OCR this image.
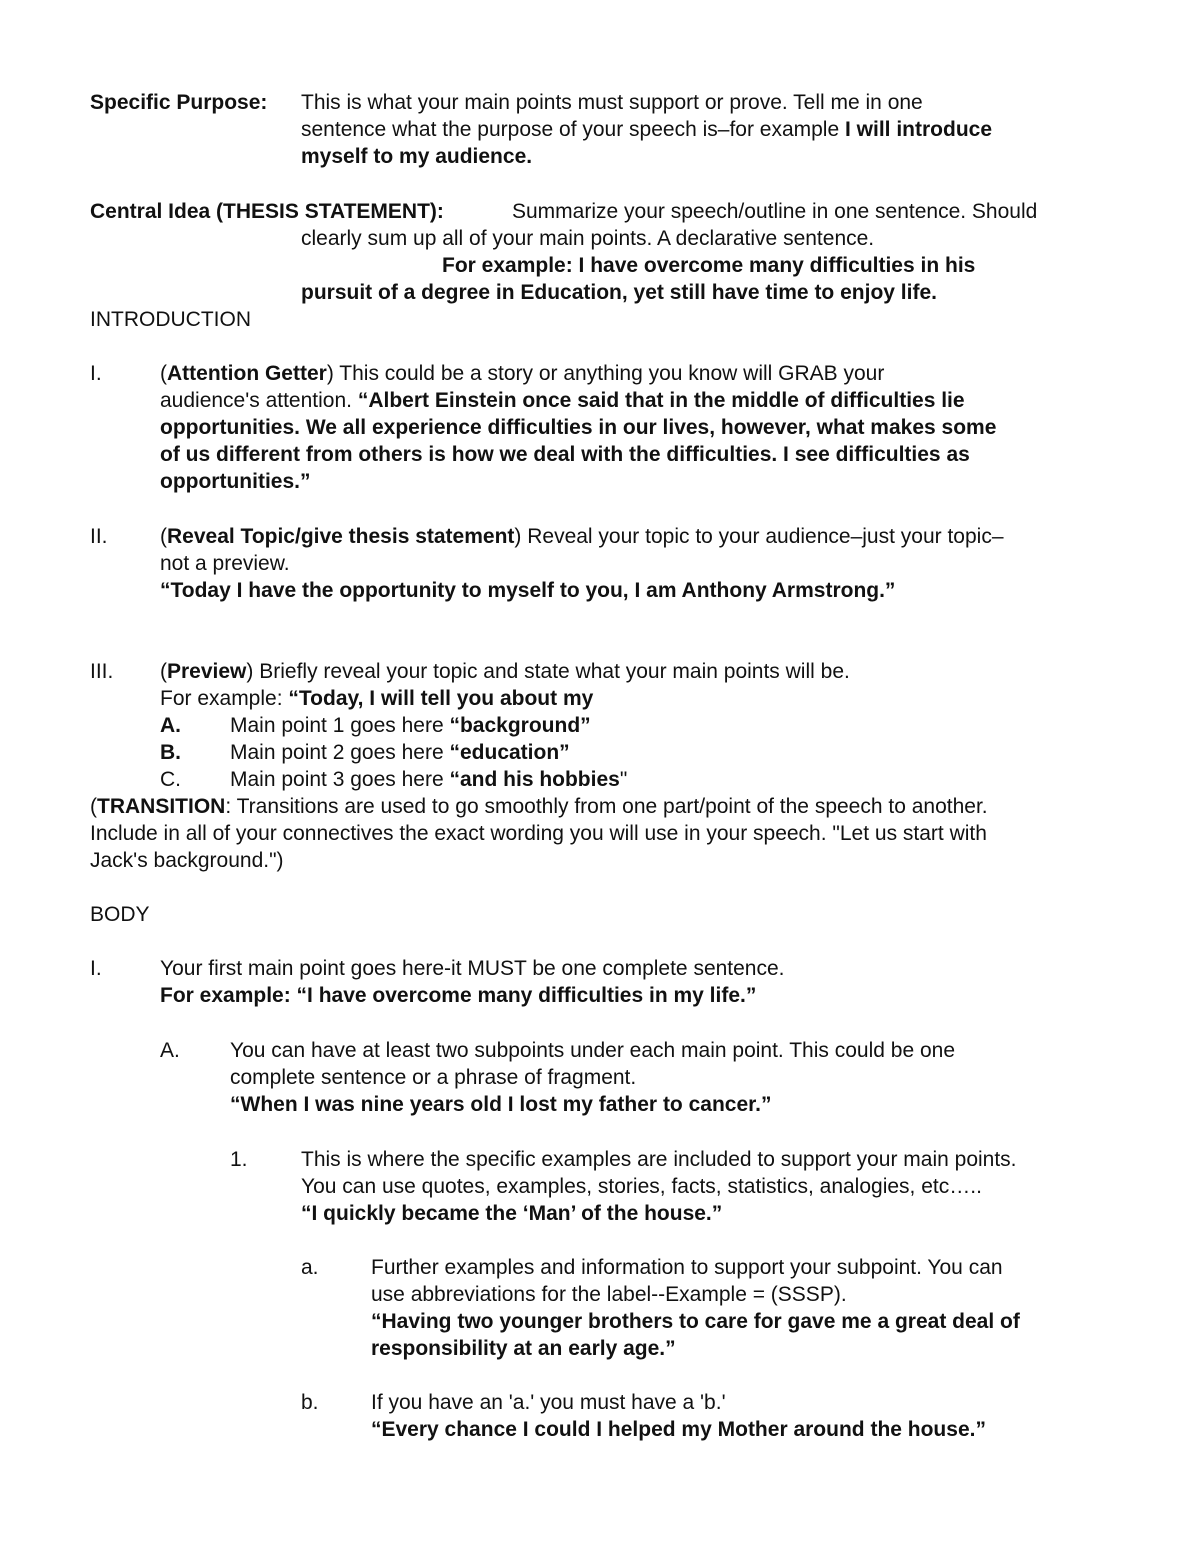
Specific Purpose: This is what your main points must support or prove. Tell me in one
sentence what the purpose of your speech is–for example I will introduce
myself to my audience.
Central Idea (THESIS STATEMENT):	Summarize your speech/outline in one sentence. Should
clearly sum up all of your main points. A declarative sentence.
For example: I have overcome many difficulties in his
pursuit of a degree in Education, yet still have time to enjoy life.
INTRODUCTION
I.	(Attention Getter) This could be a story or anything you know will GRAB your
audience's attention. “Albert Einstein once said that in the middle of difficulties lie
opportunities. We all experience difficulties in our lives, however, what makes some
of us different from others is how we deal with the difficulties. I see difficulties as
opportunities.”
II. (Reveal Topic/give thesis statement) Reveal your topic to your audience–just your topic–
not a preview.
“Today I have the opportunity to myself to you, I am Anthony Armstrong.”
III. (Preview) Briefly reveal your topic and state what your main points will be.
For example: “Today, I will tell you about my
A. Main point 1 goes here “background”
B. Main point 2 goes here “education”
C. Main point 3 goes here “and his hobbies"
(TRANSITION: Transitions are used to go smoothly from one part/point of the speech to another.
Include in all of your connectives the exact wording you will use in your speech. "Let us start with
Jack's background.")
BODY
I.	Your first main point goes here-it MUST be one complete sentence.
For example: “I have overcome many difficulties in my life.”
A. You can have at least two subpoints under each main point. This could be one
complete sentence or a phrase of fragment.
“When I was nine years old I lost my father to cancer.”
1.	This is where the specific examples are included to support your main points.
You can use quotes, examples, stories, facts, statistics, analogies, etc…..
“I quickly became the ‘Man’ of the house.”
a. Further examples and information to support your subpoint. You can
use abbreviations for the label--Example = (SSSP).
“Having two younger brothers to care for gave me a great deal of
responsibility at an early age.”
b. If you have an 'a.' you must have a 'b.'
“Every chance I could I helped my Mother around the house.”
